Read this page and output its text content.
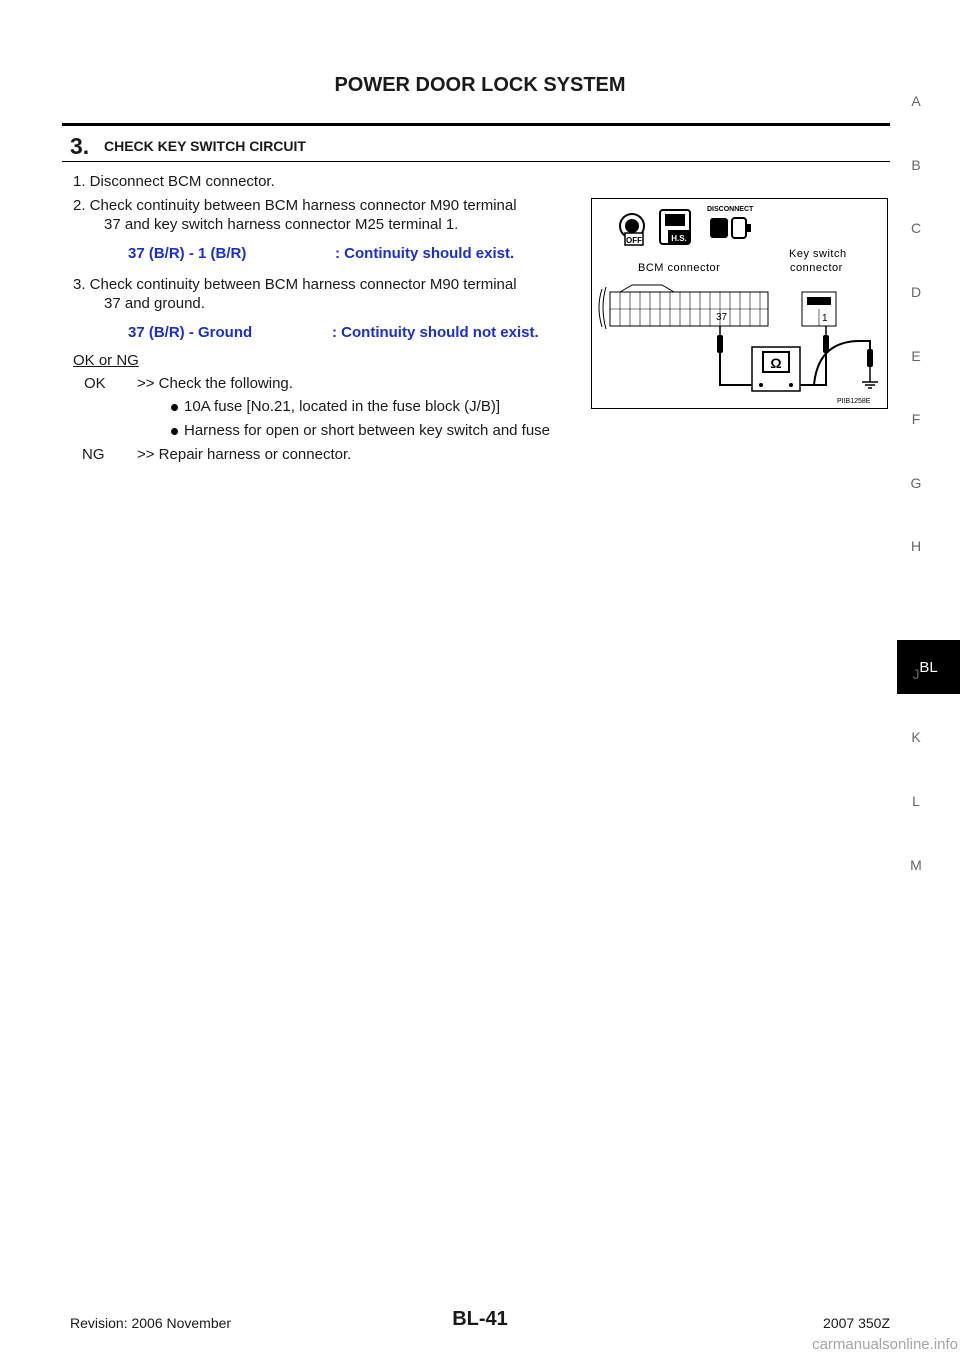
POWER DOOR LOCK SYSTEM
3. CHECK KEY SWITCH CIRCUIT
1. Disconnect BCM connector.
2. Check continuity between BCM harness connector M90 terminal
37 and key switch harness connector M25 terminal 1.
37 (B/R) - 1 (B/R)	: Continuity should exist.
3. Check continuity between BCM harness connector M90 terminal
37 and ground.
37 (B/R) - Ground	: Continuity should not exist.
OK or NG
OK >> Check the following.
10A fuse [No.21, located in the fuse block (J/B)]
Harness for open or short between key switch and fuse
NG >> Repair harness or connector.
OFF	H.S.
DISCONNECT
BCM connector
Key switch
connector
37	1
Ω
PIIB1258E
A
B
C
D
E
F
G
H
BL
J
K
L
M
Revision: 2006 November	BL-41	2007 350Z
carmanualsonline.info
